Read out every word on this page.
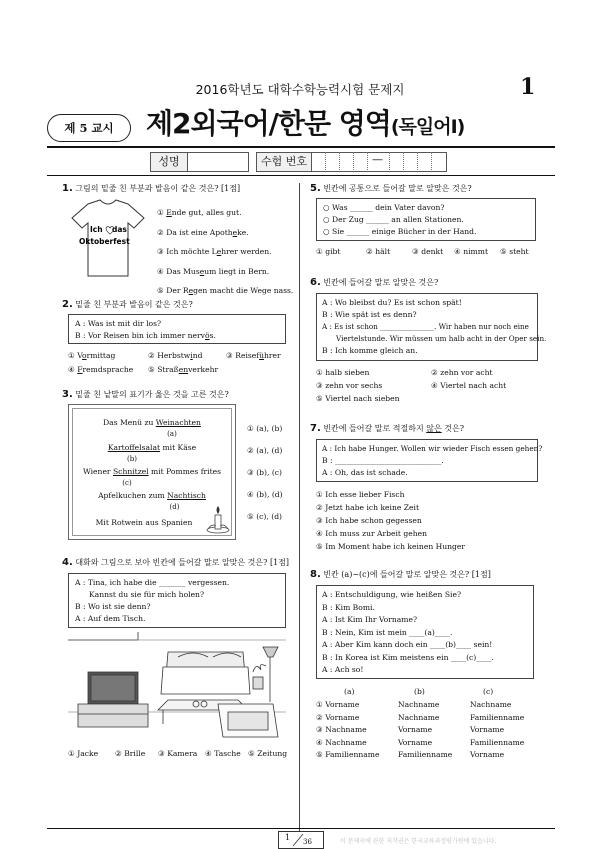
2016학년도 대학수학능력시험 문제지	1
제 5 교시	제2외국어/한문 영역(독일어Ⅰ)
성명	수험 번호	—
1. 그림의 밑줄 친 부분과 발음이 같은 것은? [1점]
Ich das
Oktoberfest
① Ende gut, alles gut.
② Da ist eine Apotheke.
③ Ich möchte Lehrer werden.
④ Das Museum liegt in Bern.
⑤ Der Regen macht die Wege nass.
2. 밑줄 친 부분과 발음이 같은 것은?
A : Was ist mit dir los?
B : Vor Reisen bin ich immer nervös.
① Vormittag	② Herbstwind	③ Reiseführer
④ Fremdsprache ⑤ Straßenverkehr
3. 밑줄 친 낱말의 표기가 옳은 것을 고른 것은?
Das Menü zu Weinachten
(a)
Kartoffelsalat mit Käse
(b)
Wiener Schnitzel mit Pommes frites
(c)
Apfelkuchen zum Nachtisch
(d)
Mit Rotwein aus Spanien
① (a), (b)
② (a), (d)
③ (b), (c)
④ (b), (d)
⑤ (c), (d)
4. 대화와 그림으로 보아 빈칸에 들어갈 말로 알맞은 것은? [1점]
A : Tina, ich habe die _______ vergessen.
Kannst du sie für mich holen?
B : Wo ist sie denn?
A : Auf dem Tisch.
① Jacke ② Brille ③ Kamera ④ Tasche ⑤ Zeitung
5. 빈칸에 공통으로 들어갈 말로 알맞은 것은?
○ Was ______ dein Vater davon?
○ Der Zug ______ an allen Stationen.
○ Sie ______ einige Bücher in der Hand.
① gibt	② hält	③ denkt ④ nimmt ⑤ steht
6. 빈칸에 들어갈 말로 알맞은 것은?
A : Wo bleibst du? Es ist schon spät!
B : Wie spät ist es denn?
A : Es ist schon _______________. Wir haben nur noch eine
Viertelstunde. Wir müssen um halb acht in der Oper sein.
B : Ich komme gleich an.
① halb sieben	② zehn vor acht
③ zehn vor sechs	④ Viertel nach acht
⑤ Viertel nach sieben
7. 빈칸에 들어갈 말로 적절하지 않은 것은?
A : Ich habe Hunger. Wollen wir wieder Fisch essen gehen?
B : ____________________________.
A : Oh, das ist schade.
① Ich esse lieber Fisch
② Jetzt habe ich keine Zeit
③ Ich habe schon gegessen
④ Ich muss zur Arbeit gehen
⑤ Im Moment habe ich keinen Hunger
8. 빈칸 (a)~(c)에 들어갈 말로 알맞은 것은? [1점]
A : Entschuldigung, wie heißen Sie?
B : Kim Bomi.
A : Ist Kim Ihr Vorname?
B : Nein, Kim ist mein ____(a)____.
A : Aber Kim kann doch ein ____(b)____ sein!
B : In Korea ist Kim meistens ein ____(c)____.
A : Ach so!
(a)	(b)	(c)
① Vorname	Nachname	Nachname
② Vorname	Nachname	Familienname
③ Nachname	Vorname	Vorname
④ Nachname	Vorname	Familienname
⑤ Familienname Familienname Vorname
1 36	이 문제지에 관한 저작권은 한국교육과정평가원에 있습니다.
